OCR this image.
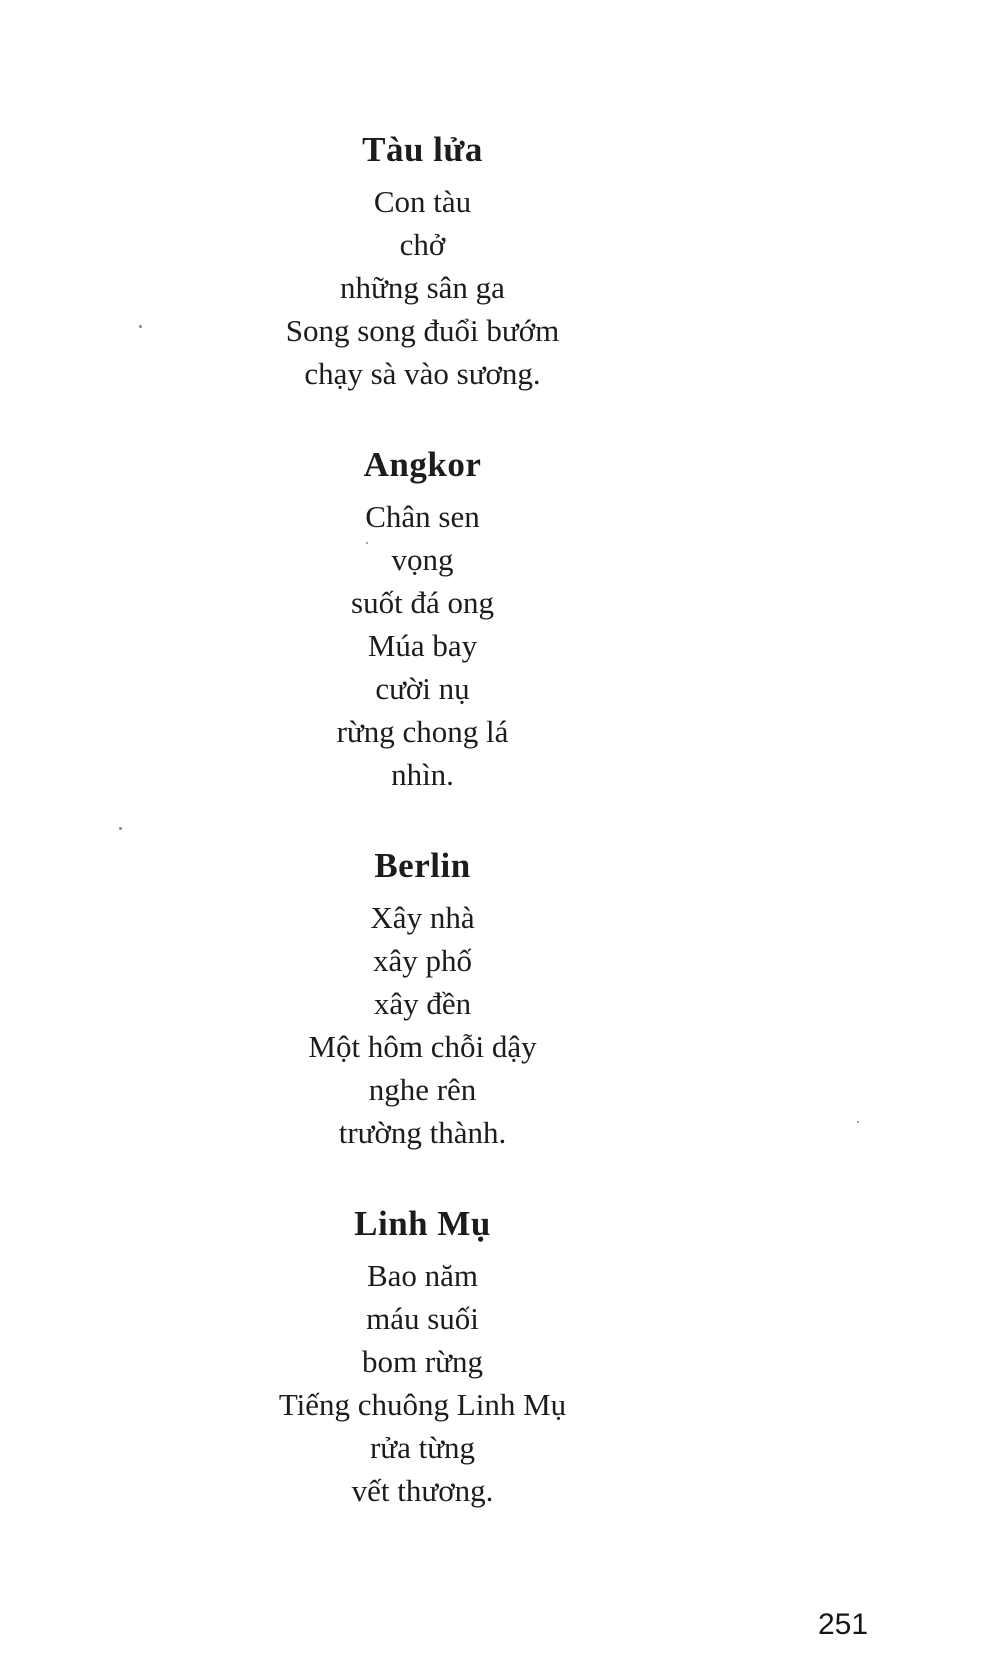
Tàu lửa
Con tàu
chở
những sân ga
Song song đuổi bướm
chạy sà vào sương.
Angkor
Chân sen
vọng
suốt đá ong
Múa bay
cười nụ
rừng chong lá
nhìn.
Berlin
Xây nhà
xây phố
xây đền
Một hôm chỗi dậy
nghe rên
trường thành.
Linh Mụ
Bao năm
máu suối
bom rừng
Tiếng chuông Linh Mụ
rửa từng
vết thương.
251
